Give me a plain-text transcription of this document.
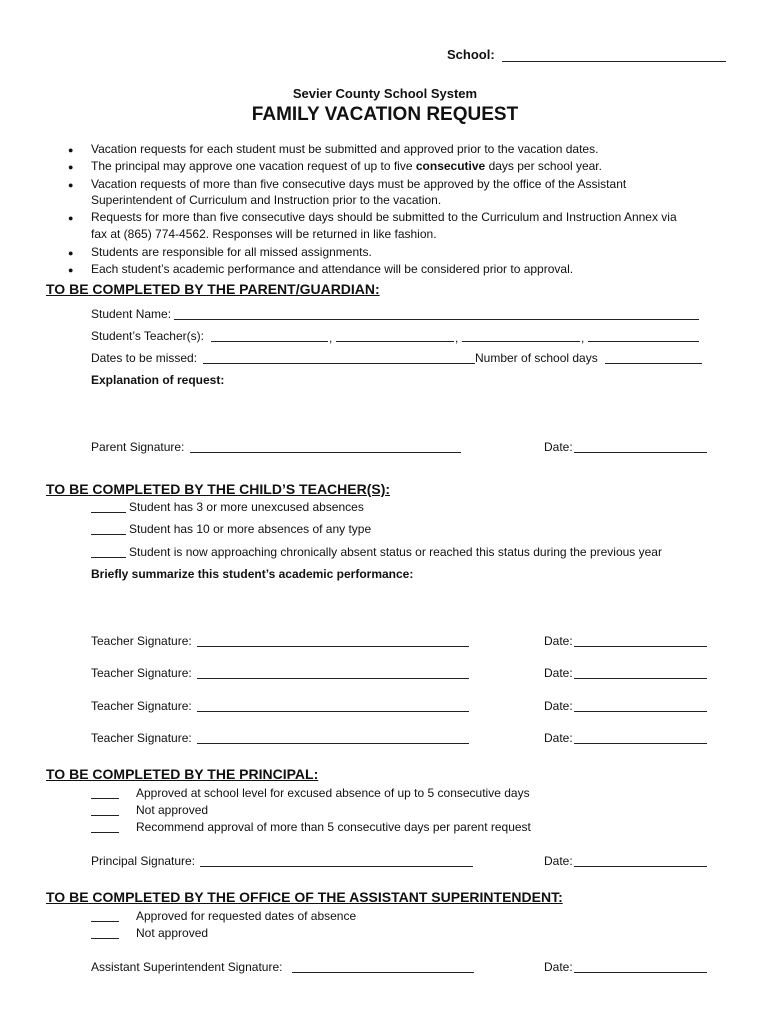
School:
Sevier County School System
FAMILY VACATION REQUEST
● Vacation requests for each student must be submitted and approved prior to the vacation dates.
● The principal may approve one vacation request of up to five consecutive days per school year.
● Vacation requests of more than five consecutive days must be approved by the office of the Assistant
Superintendent of Curriculum and Instruction prior to the vacation.
● Requests for more than five consecutive days should be submitted to the Curriculum and Instruction Annex via
fax at (865) 774-4562. Responses will be returned in like fashion.
● Students are responsible for all missed assignments.
● Each student’s academic performance and attendance will be considered prior to approval.
TO BE COMPLETED BY THE PARENT/GUARDIAN:
Student Name:
Student’s Teacher(s):	,	,	,
Dates to be missed:	Number of school days
Explanation of request:
Parent Signature:	Date:
TO BE COMPLETED BY THE CHILD’S TEACHER(S):
Student has 3 or more unexcused absences
Student has 10 or more absences of any type
Student is now approaching chronically absent status or reached this status during the previous year
Briefly summarize this student’s academic performance:
Teacher Signature:	Date:
Teacher Signature:	Date:
Teacher Signature:	Date:
Teacher Signature:	Date:
TO BE COMPLETED BY THE PRINCIPAL:
Approved at school level for excused absence of up to 5 consecutive days
Not approved
Recommend approval of more than 5 consecutive days per parent request
Principal Signature:	Date:
TO BE COMPLETED BY THE OFFICE OF THE ASSISTANT SUPERINTENDENT:
Approved for requested dates of absence
Not approved
Assistant Superintendent Signature:	Date:
